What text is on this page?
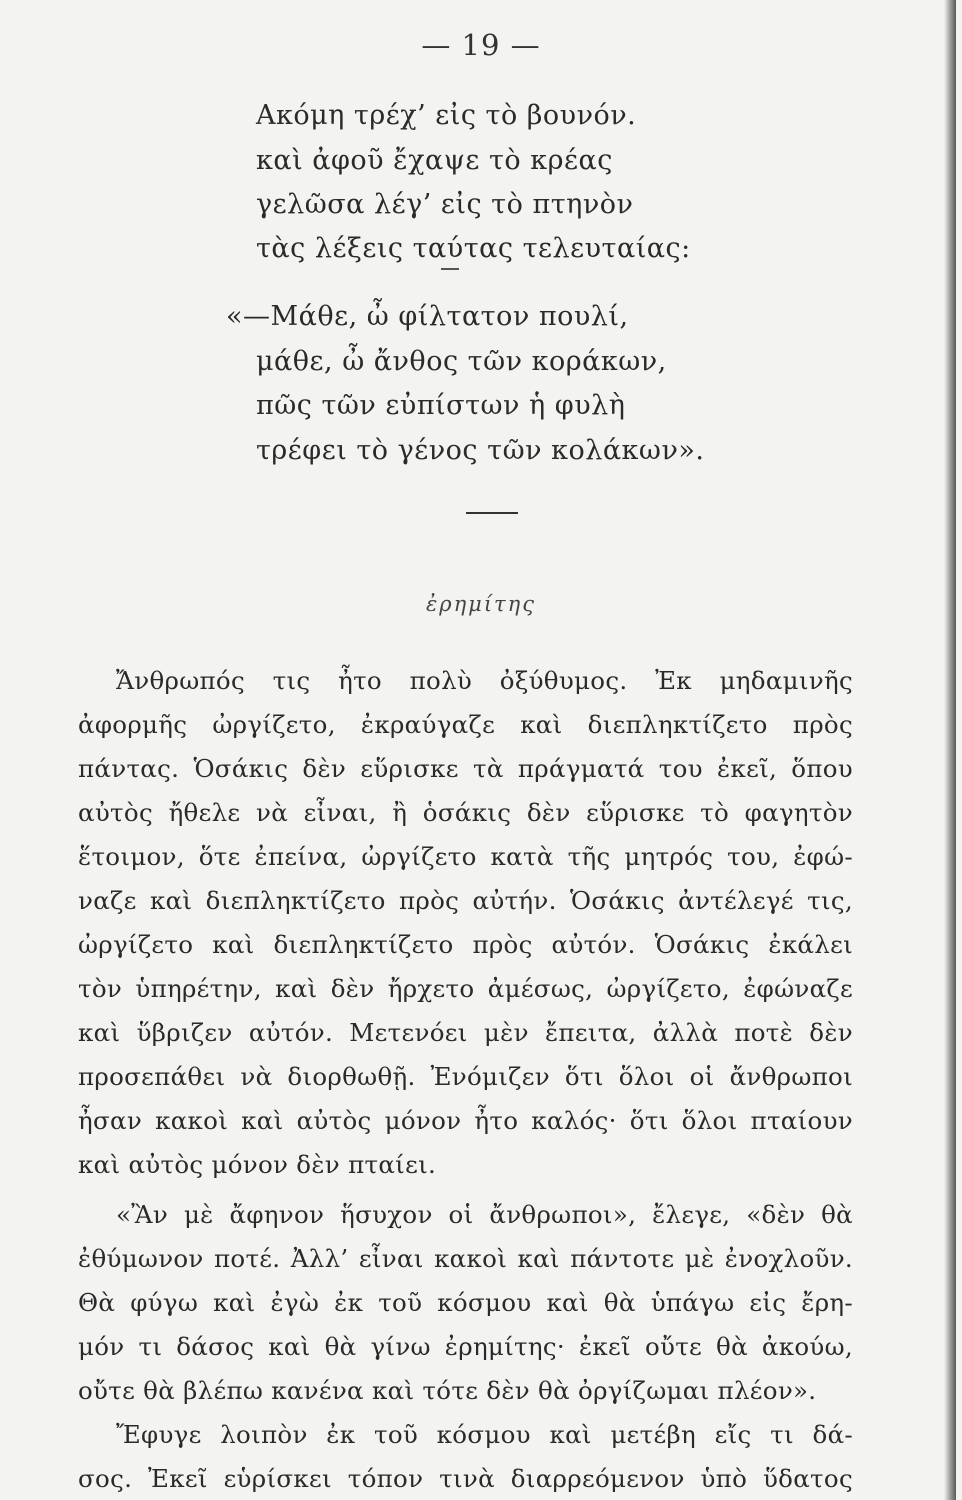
— 19 —
Ακόμη τρέχ’ εἰς τὸ βουνόν.
καὶ ἀφοῦ ἔχαψε τὸ κρέας
γελῶσα λέγ’ εἰς τὸ πτηνὸν
τὰς λέξεις ταύτας τελευταίας:
«—Μάθε, ὦ φίλτατον πουλί,
μάθε, ὦ ἄνθος τῶν κοράκων,
πῶς τῶν εὐπίστων ἡ φυλὴ
τρέφει τὸ γένος τῶν κολάκων».
ἐρημίτης
Ἄνθρωπός τις ἦτο πολὺ ὀξύθυμος. Ἐκ μηδαμινῆς
ἀφορμῆς ὠργίζετο, ἐκραύγαζε καὶ διεπληκτίζετο πρὸς
πάντας. Ὁσάκις δὲν εὕρισκε τὰ πράγματά του ἐκεῖ, ὅπου
αὐτὸς ἤθελε νὰ εἶναι, ἢ ὁσάκις δὲν εὕρισκε τὸ φαγητὸν
ἕτοιμον, ὅτε ἐπείνα, ὠργίζετο κατὰ τῆς μητρός του, ἐφώ-
ναζε καὶ διεπληκτίζετο πρὸς αὐτήν. Ὁσάκις ἀντέλεγέ τις,
ὠργίζετο καὶ διεπληκτίζετο πρὸς αὐτόν. Ὁσάκις ἐκάλει
τὸν ὑπηρέτην, καὶ δὲν ἤρχετο ἀμέσως, ὠργίζετο, ἐφώναζε
καὶ ὕβριζεν αὐτόν. Μετενόει μὲν ἔπειτα, ἀλλὰ ποτὲ δὲν
προσεπάθει νὰ διορθωθῇ. Ἐνόμιζεν ὅτι ὅλοι οἱ ἄνθρωποι
ἦσαν κακοὶ καὶ αὐτὸς μόνον ἦτο καλός· ὅτι ὅλοι πταίουν
καὶ αὐτὸς μόνον δὲν πταίει.
«Ἂν μὲ ἄφηνον ἥσυχον οἱ ἄνθρωποι», ἔλεγε, «δὲν θὰ
ἐθύμωνον ποτέ. Ἀλλ’ εἶναι κακοὶ καὶ πάντοτε μὲ ἐνοχλοῦν.
Θὰ φύγω καὶ ἐγὼ ἐκ τοῦ κόσμου καὶ θὰ ὑπάγω εἰς ἔρη-
μόν τι δάσος καὶ θὰ γίνω ἐρημίτης· ἐκεῖ οὔτε θὰ ἀκούω,
οὔτε θὰ βλέπω κανένα καὶ τότε δὲν θὰ ὀργίζωμαι πλέον».
Ἔφυγε λοιπὸν ἐκ τοῦ κόσμου καὶ μετέβη εἴς τι δά-
σος. Ἐκεῖ εὑρίσκει τόπον τινὰ διαρρεόμενον ὑπὸ ὕδατος
